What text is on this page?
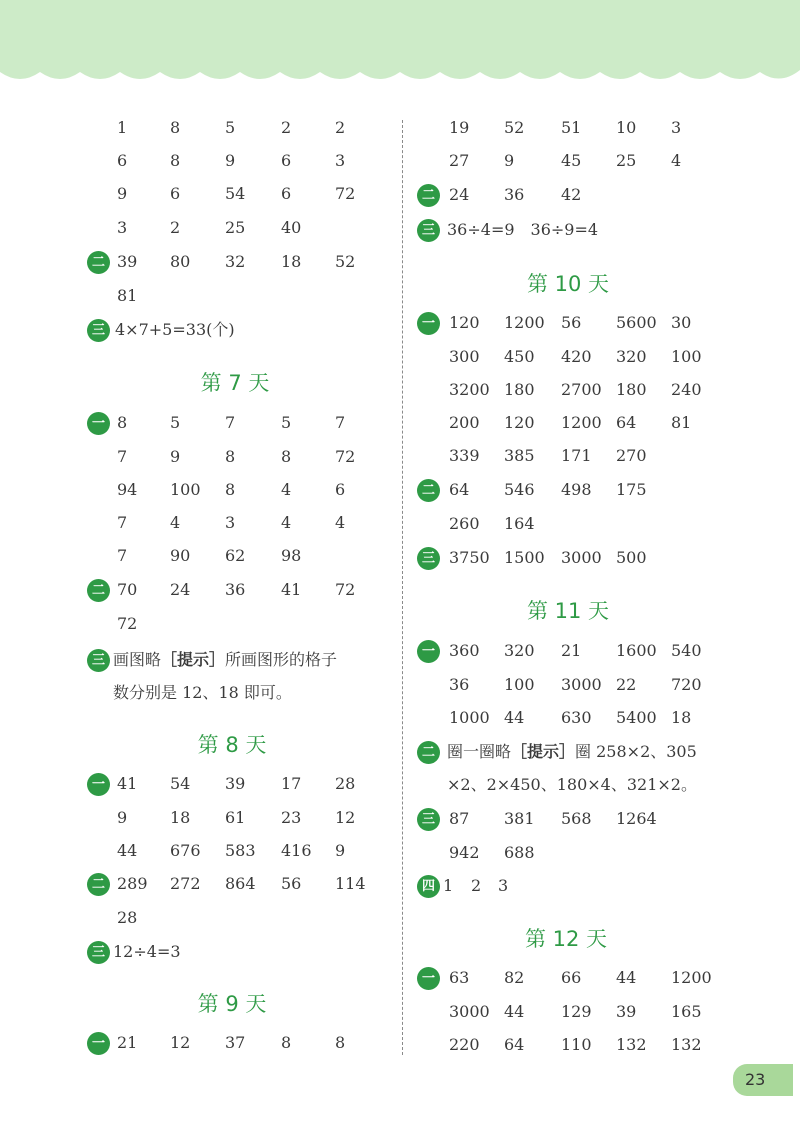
1	8	5	2	2
6	8	9	6	3
9	6	54 6	72
3	2	25 40
二 39 80 32 18 52
81
三 4×7+5=33(个)
第 7 天
一 8	5	7	5	7
7	9	8	8	72
94 100 8	4	6
7	4	3	4	4
7	90 62 98
二 70 24 36 41 72
72
三 画图略［提示］所画图形的格子
数分别是 12、18 即可。
第 8 天
一 41 54 39 17 28
9	18 61 23 12
44 676 583 416 9
二 289 272 864 56 114
28
三 12÷4=3
第 9 天
一 21 12 37 8	8
19 52 51 10 3
27 9	45 25 4
二 24 36 42
三 36÷4=9　36÷9=4
第 10 天
一 120 1200 56 5600 30
300 450 420 320 100
3200 180 2700 180 240
200 120 1200 64 81
339 385 171 270
二 64 546 498 175
260 164
三 3750 1500 3000 500
第 11 天
一 360 320 21 1600 540
36 100 3000 22 720
1000 44 630 5400 18
二 圈一圈略［提示］圈 258×2、305
×2、2×450、180×4、321×2。
三 87 381 568 1264
942 688
四 1 2 3
第 12 天
一 63 82 66 44 1200
3000 44 129 39 165
220 64 110 132 132
23
